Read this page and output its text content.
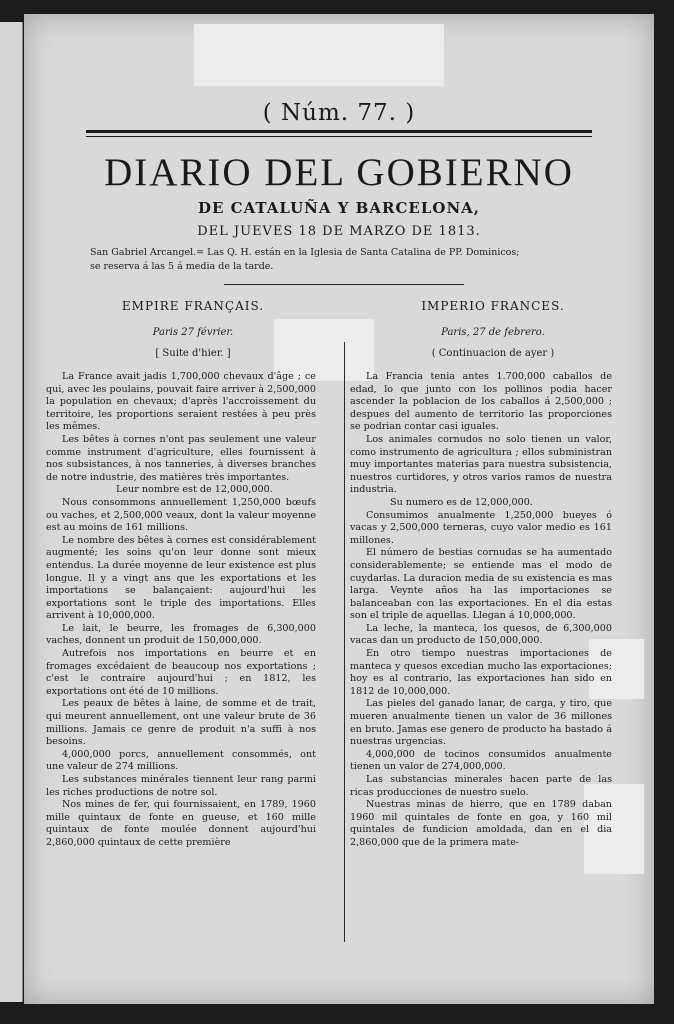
( Núm. 77. )
DIARIO DEL GOBIERNO
DE CATALUÑA Y BARCELONA,
DEL JUEVES 18 DE MARZO DE 1813.
San Gabriel Arcangel.= Las Q. H. están en la Iglesia de Santa Catalina de PP. Dominicos;
se reserva á las 5 á media de la tarde.
EMPIRE FRANÇAIS.
Paris 27 février.
[ Suite d'hier. ]

La France avait jadis 1,700,000 chevaux d'âge ; ce qui, avec les poulains, pouvait faire arriver à 2,500,000 la population en chevaux; d'après l'accroissement du territoire, les proportions seraient restées à peu près les mêmes.

Les bêtes à cornes n'ont pas seulement une valeur comme instrument d'agriculture, elles fournissent à nos subsistances, à nos tanneries, à diverses branches de notre industrie, des matières très importantes.

Leur nombre est de 12,000,000.

Nous consommons annuellement 1,250,000 bœufs ou vaches, et 2,500,000 veaux, dont la valeur moyenne est au moins de 161 millions.

Le nombre des bêtes à cornes est considérablement augmenté; les soins qu'on leur donne sont mieux entendus. La durée moyenne de leur existence est plus longue. Il y a vingt ans que les exportations et les importations se balançaient: aujourd'hui les exportations sont le triple des importations. Elles arrivent à 10,000,000.

Le lait, le beurre, les fromages de 6,300,000 vaches, donnent un produit de 150,000,000.

Autrefois nos importations en beurre et en fromages excédaient de beaucoup nos exportations ; c'est le contraire aujourd'hui ; en 1812, les exportations ont été de 10 millions.

Les peaux de bêtes à laine, de somme et de trait, qui meurent annuellement, ont une valeur brute de 36 millions. Jamais ce genre de produit n'a suffi à nos besoins.

4,000,000 porcs, annuellement consommés, ont une valeur de 274 millions.

Les substances minérales tiennent leur rang parmi les riches productions de notre sol.

Nos mines de fer, qui fournissaient, en 1789, 1960 mille quintaux de fonte en gueuse, et 160 mille quintaux de fonte moulée donnent aujourd'hui 2,860,000 quintaux de cette première

IMPERIO FRANCES.
Paris, 27 de febrero.
( Continuacion de ayer )

La Francia tenia antes 1.700,000 caballos de edad, lo que junto con los pollinos podia hacer ascender la poblacion de los caballos á 2,500,000 ; despues del aumento de territorio las proporciones se podrian contar casi iguales.

Los animales cornudos no solo tienen un valor, como instrumento de agricultura ; ellos subministran muy importantes materias para nuestra subsistencia, nuestros curtidores, y otros varios ramos de nuestra industria.

Su numero es de 12,000,000.

Consumimos anualmente 1,250,000 bueyes ó vacas y 2,500,000 terneras, cuyo valor medio es 161 millones.

El número de bestias cornudas se ha aumentado considerablemente; se entiende mas el modo de cuydarlas. La duracion media de su existencia es mas larga. Veynte años ha las importaciones se balanceaban con las exportaciones. En el dia estas son el triple de aquellas. Llegan á 10,000,000.

La leche, la manteca, los quesos, de 6,300,000 vacas dan un producto de 150,000,000.

En otro tiempo nuestras importaciones de manteca y quesos excedian mucho las exportaciones; hoy es al contrario, las exportaciones han sido en 1812 de 10,000,000.

Las pieles del ganado lanar, de carga, y tiro, que mueren anualmente tienen un valor de 36 millones en bruto. Jamas ese genero de producto ha bastado á nuestras urgencias.

4,000,000 de tocinos consumidos anualmente tienen un valor de 274,000,000.

Las substancias minerales hacen parte de las ricas producciones de nuestro suelo.

Nuestras minas de hierro, que en 1789 daban 1960 mil quintales de fonte en goa, y 160 mil quintales de fundicion amoldada, dan en el dia 2,860,000 que de la primera mate-
